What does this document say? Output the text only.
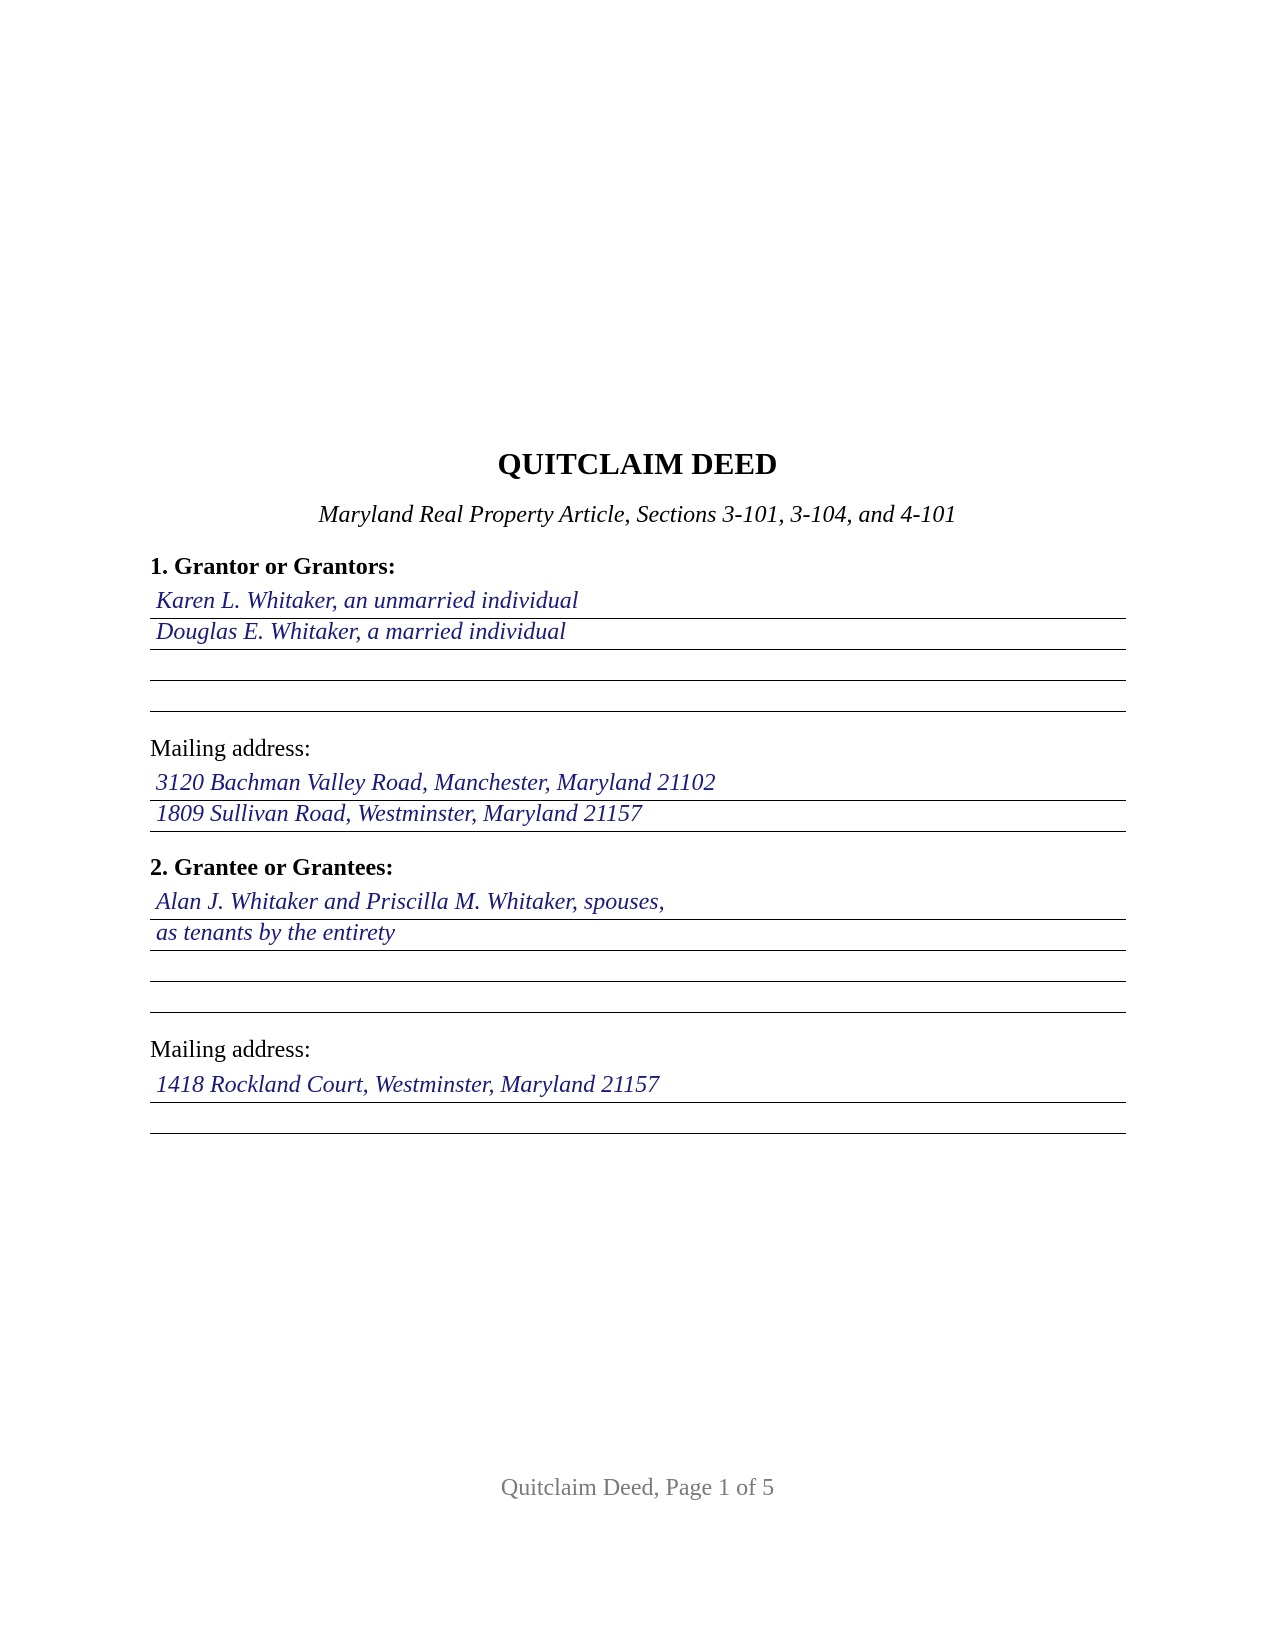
QUITCLAIM DEED
Maryland Real Property Article, Sections 3-101, 3-104, and 4-101
1. Grantor or Grantors:
Karen L. Whitaker, an unmarried individual
Douglas E. Whitaker, a married individual
Mailing address:
3120 Bachman Valley Road, Manchester, Maryland 21102
1809 Sullivan Road, Westminster, Maryland 21157
2. Grantee or Grantees:
Alan J. Whitaker and Priscilla M. Whitaker, spouses,
as tenants by the entirety
Mailing address:
1418 Rockland Court, Westminster, Maryland 21157
Quitclaim Deed, Page 1 of 5
